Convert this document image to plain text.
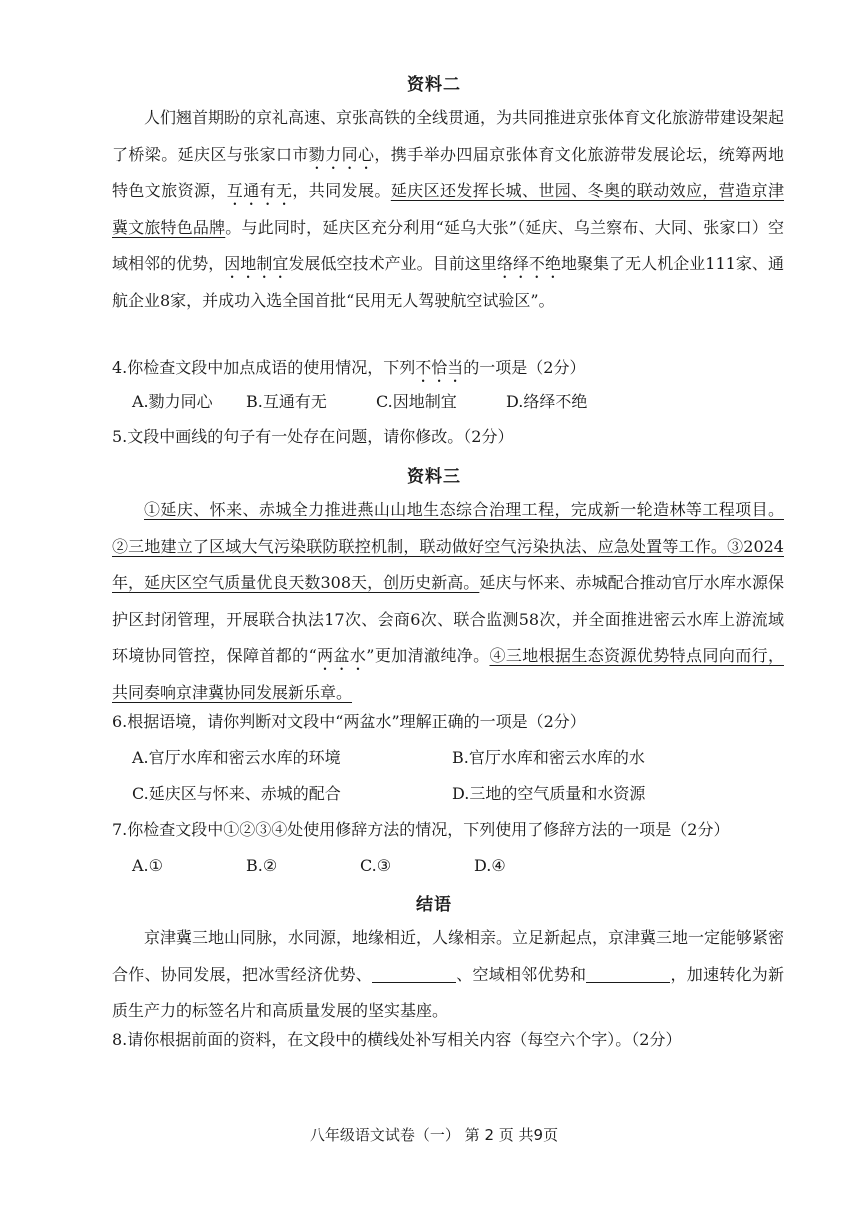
资料二
人们翘首期盼的京礼高速、京张高铁的全线贯通，为共同推进京张体育文化旅游带建设架起了桥梁。延庆区与张家口市勠力同心，携手举办四届京张体育文化旅游带发展论坛，统筹两地特色文旅资源，互通有无，共同发展。延庆区还发挥长城、世园、冬奥的联动效应，营造京津冀文旅特色品牌。与此同时，延庆区充分利用“延乌大张”（延庆、乌兰察布、大同、张家口）空域相邻的优势，因地制宜发展低空技术产业。目前这里络绎不绝地聚集了无人机企业111家、通航企业8家，并成功入选全国首批“民用无人驾驶航空试验区”。
4.你检查文段中加点成语的使用情况，下列不恰当的一项是（2分）
A.勠力同心 B.互通有无	C.因地制宜	D.络绎不绝
5.文段中画线的句子有一处存在问题，请你修改。（2分）
资料三
①延庆、怀来、赤城全力推进燕山山地生态综合治理工程，完成新一轮造林等工程项目。②三地建立了区域大气污染联防联控机制，联动做好空气污染执法、应急处置等工作。③2024年，延庆区空气质量优良天数308天，创历史新高。延庆与怀来、赤城配合推动官厅水库水源保护区封闭管理，开展联合执法17次、会商6次、联合监测58次，并全面推进密云水库上游流域环境协同管控，保障首都的“两盆水”更加清澈纯净。④三地根据生态资源优势特点同向而行，共同奏响京津冀协同发展新乐章。
6.根据语境，请你判断对文段中“两盆水”理解正确的一项是（2分）
A.官厅水库和密云水库的环境	B.官厅水库和密云水库的水
C.延庆区与怀来、赤城的配合	D.三地的空气质量和水资源
7.你检查文段中①②③④处使用修辞方法的情况，下列使用了修辞方法的一项是（2分）
A.①	B.②	C.③	D.④
结语
京津冀三地山同脉，水同源，地缘相近，人缘相亲。立足新起点，京津冀三地一定能够紧密合作、协同发展，把冰雪经济优势、	、空域相邻优势和	，加速转化为新质生产力的标签名片和高质量发展的坚实基座。
8.请你根据前面的资料，在文段中的横线处补写相关内容（每空六个字）。（2分）
八年级语文试卷（一） 第 2 页 共9页
